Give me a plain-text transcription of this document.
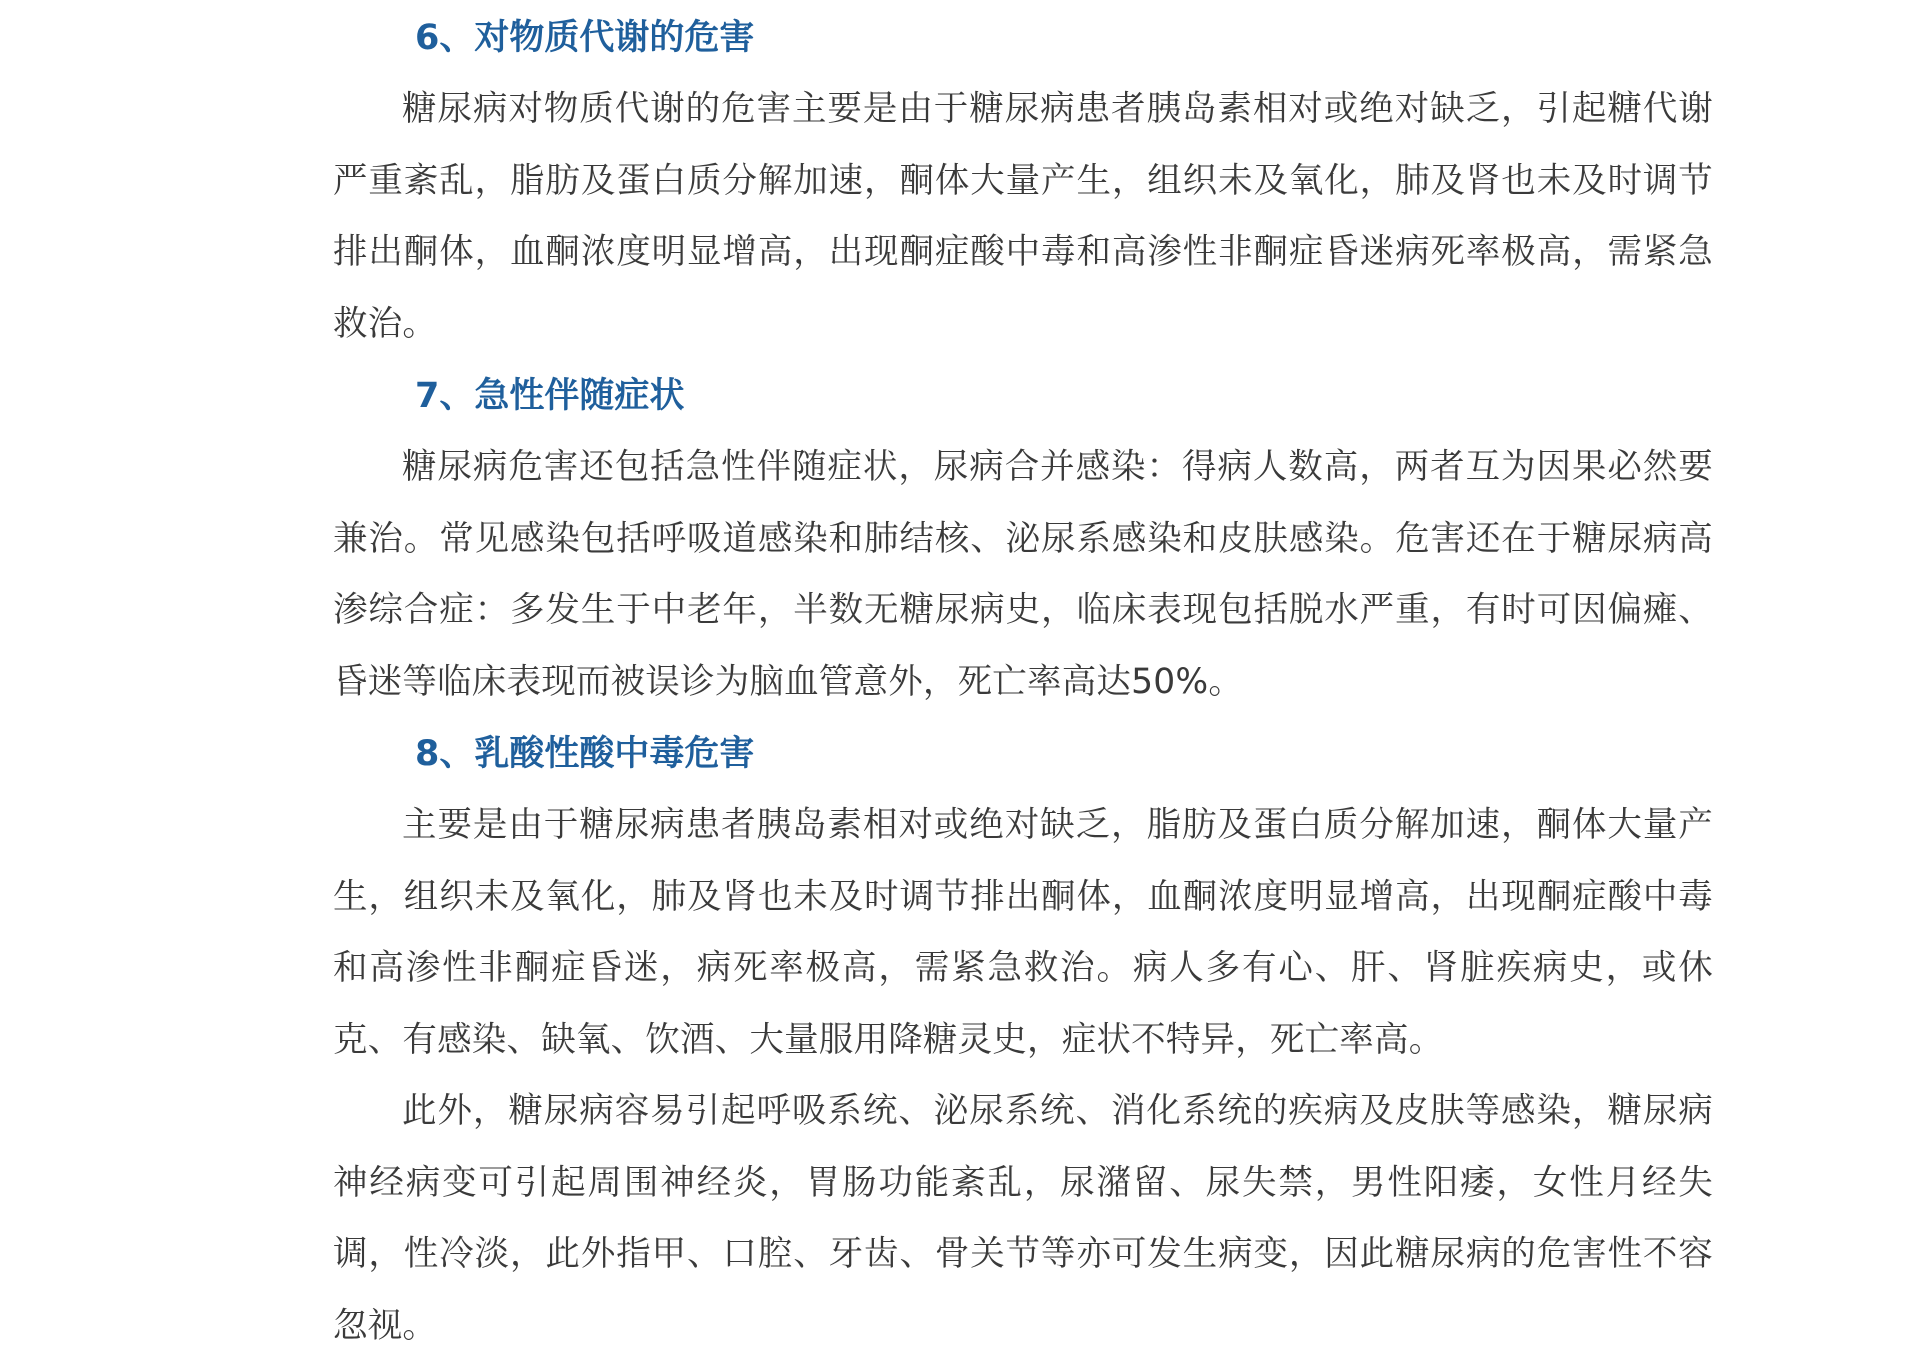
6、对物质代谢的危害

糖尿病对物质代谢的危害主要是由于糖尿病患者胰岛素相对或绝对缺乏，引起糖代谢严重紊乱，脂肪及蛋白质分解加速，酮体大量产生，组织未及氧化，肺及肾也未及时调节排出酮体，血酮浓度明显增高，出现酮症酸中毒和高渗性非酮症昏迷病死率极高，需紧急救治。

7、急性伴随症状

糖尿病危害还包括急性伴随症状，尿病合并感染：得病人数高，两者互为因果必然要兼治。常见感染包括呼吸道感染和肺结核、泌尿系感染和皮肤感染。危害还在于糖尿病高渗综合症：多发生于中老年，半数无糖尿病史，临床表现包括脱水严重，有时可因偏瘫、昏迷等临床表现而被误诊为脑血管意外，死亡率高达50%。

8、乳酸性酸中毒危害

主要是由于糖尿病患者胰岛素相对或绝对缺乏，脂肪及蛋白质分解加速，酮体大量产生，组织未及氧化，肺及肾也未及时调节排出酮体，血酮浓度明显增高，出现酮症酸中毒和高渗性非酮症昏迷，病死率极高，需紧急救治。病人多有心、肝、肾脏疾病史，或休克、有感染、缺氧、饮酒、大量服用降糖灵史，症状不特异，死亡率高。

此外，糖尿病容易引起呼吸系统、泌尿系统、消化系统的疾病及皮肤等感染，糖尿病神经病变可引起周围神经炎，胃肠功能紊乱，尿潴留、尿失禁，男性阳痿，女性月经失调，性冷淡，此外指甲、口腔、牙齿、骨关节等亦可发生病变，因此糖尿病的危害性不容忽视。
